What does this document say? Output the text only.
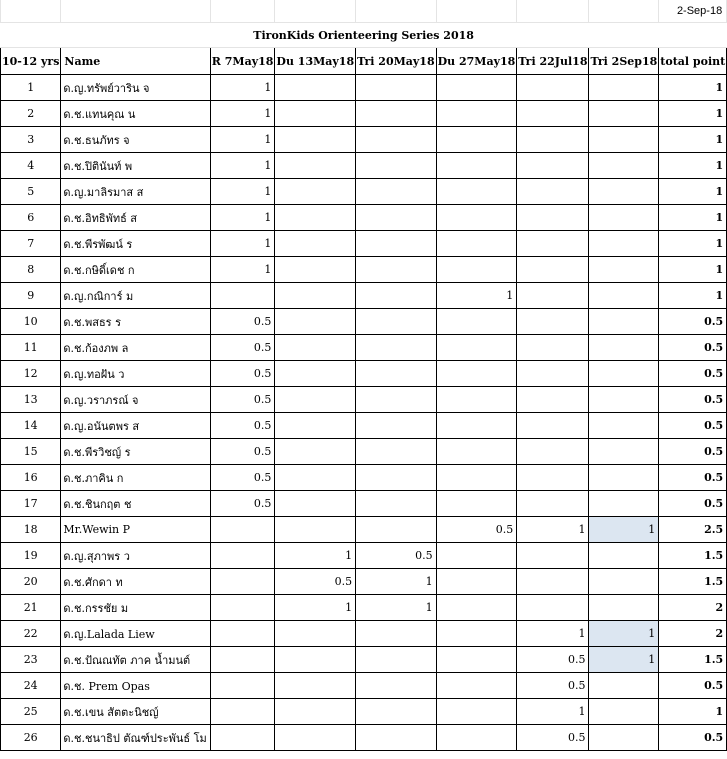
								2-Sep-18
TironKids Orienteering Series 2018								
10-12 yrs	Name	R 7May18	Du 13May18	Tri 20May18	Du 27May18	Tri 22Jul18	Tri 2Sep18	total point
1	ด.ญ.ทรัพย์วาริน จ	1						1
2	ด.ช.แทนคุณ น	1						1
3	ด.ช.ธนภัทร จ	1						1
4	ด.ช.ปิตินันท์ พ	1						1
5	ด.ญ.มาลิรมาส ส	1						1
6	ด.ช.อิทธิพัทธ์ ส	1						1
7	ด.ช.พีรพัฒน์ ร	1						1
8	ด.ช.กษิดิ์เดช ก	1						1
9	ด.ญ.กณิการ์ ม				1			1
10	ด.ช.พสธร ร	0.5						0.5
11	ด.ช.ก้องภพ ล	0.5						0.5
12	ด.ญ.ทอฝัน ว	0.5						0.5
13	ด.ญ.วราภรณ์ จ	0.5						0.5
14	ด.ญ.อนันตพร ส	0.5						0.5
15	ด.ช.พีรวิชญ์ ร	0.5						0.5
16	ด.ช.ภาคิน ก	0.5						0.5
17	ด.ช.ชินกฤต ช	0.5						0.5
18	Mr.Wewin P				0.5	1	1	2.5
19	ด.ญ.สุภาพร ว		1	0.5				1.5
20	ด.ช.ศักดา ท		0.5	1				1.5
21	ด.ช.กรรชัย ม		1	1				2
22	ด.ญ.Lalada Liew					1	1	2
23	ด.ช.ปัณณทัต ภาค น้ำมนต์					0.5	1	1.5
24	ด.ช. Prem Opas					0.5		0.5
25	ด.ช.เขน สัตตะนิชญ์					1		1
26	ด.ช.ชนาธิป ตัณฑ์ประพันธ์ โม					0.5		0.5
